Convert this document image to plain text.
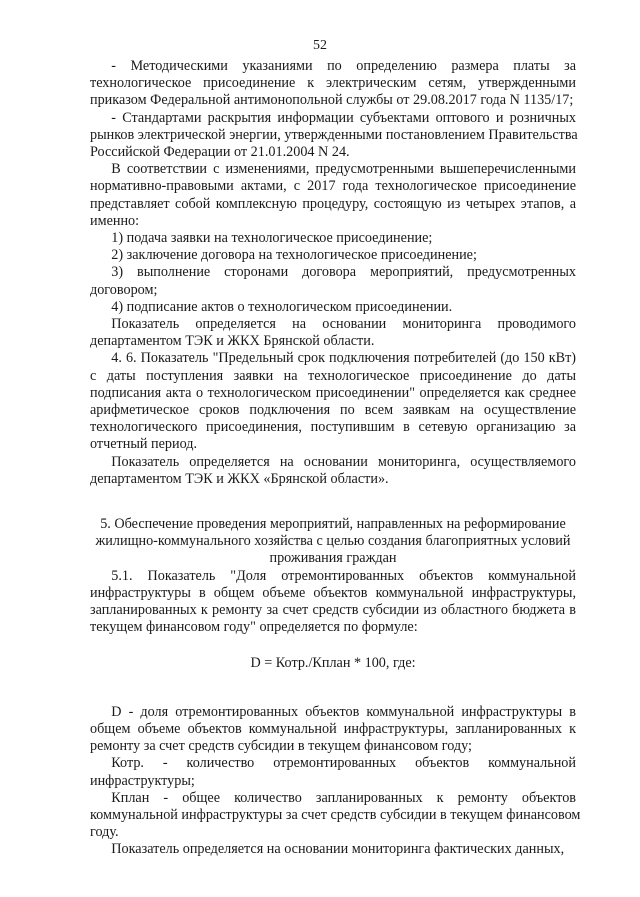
52
  - Методическими указаниями по определению размера платы за
технологическое присоединение к электрическим сетям, утвержденными
приказом Федеральной антимонопольной службы от 29.08.2017 года N 1135/17;
  - Стандартами раскрытия информации субъектами оптового и розничных
рынков электрической энергии, утвержденными постановлением Правительства
Российской Федерации от 21.01.2004 N 24.
  В соответствии с изменениями, предусмотренными вышеперечисленными
нормативно-правовыми актами, с 2017 года технологическое присоединение
представляет собой комплексную процедуру, состоящую из четырех этапов, а
именно:
  1) подача заявки на технологическое присоединение;
  2) заключение договора на технологическое присоединение;
  3) выполнение сторонами договора мероприятий, предусмотренных
договором;
  4) подписание актов о технологическом присоединении.
  Показатель определяется на основании мониторинга проводимого
департаментом ТЭК и ЖКХ Брянской области.
  4. 6. Показатель "Предельный срок подключения потребителей (до 150 кВт)
с даты поступления заявки на технологическое присоединение до даты
подписания акта о технологическом присоединении" определяется как среднее
арифметическое сроков подключения по всем заявкам на осуществление
технологического присоединения, поступившим в сетевую организацию за
отчетный период.
  Показатель определяется на основании мониторинга, осуществляемого
департаментом ТЭК и ЖКХ «Брянской области».
5. Обеспечение проведения мероприятий, направленных на реформирование
жилищно-коммунального хозяйства с целью создания благоприятных условий
проживания граждан
  5.1. Показатель "Доля отремонтированных объектов коммунальной
инфраструктуры в общем объеме объектов коммунальной инфраструктуры,
запланированных к ремонту за счет средств субсидии из областного бюджета в
текущем финансовом году" определяется по формуле:
D = Котр./Кплан * 100, где:
  D - доля отремонтированных объектов коммунальной инфраструктуры в
общем объеме объектов коммунальной инфраструктуры, запланированных к
ремонту за счет средств субсидии в текущем финансовом году;
  Котр. - количество отремонтированных объектов коммунальной
инфраструктуры;
  Кплан - общее количество запланированных к ремонту объектов
коммунальной инфраструктуры за счет средств субсидии в текущем финансовом
году.
  Показатель определяется на основании мониторинга фактических данных,
